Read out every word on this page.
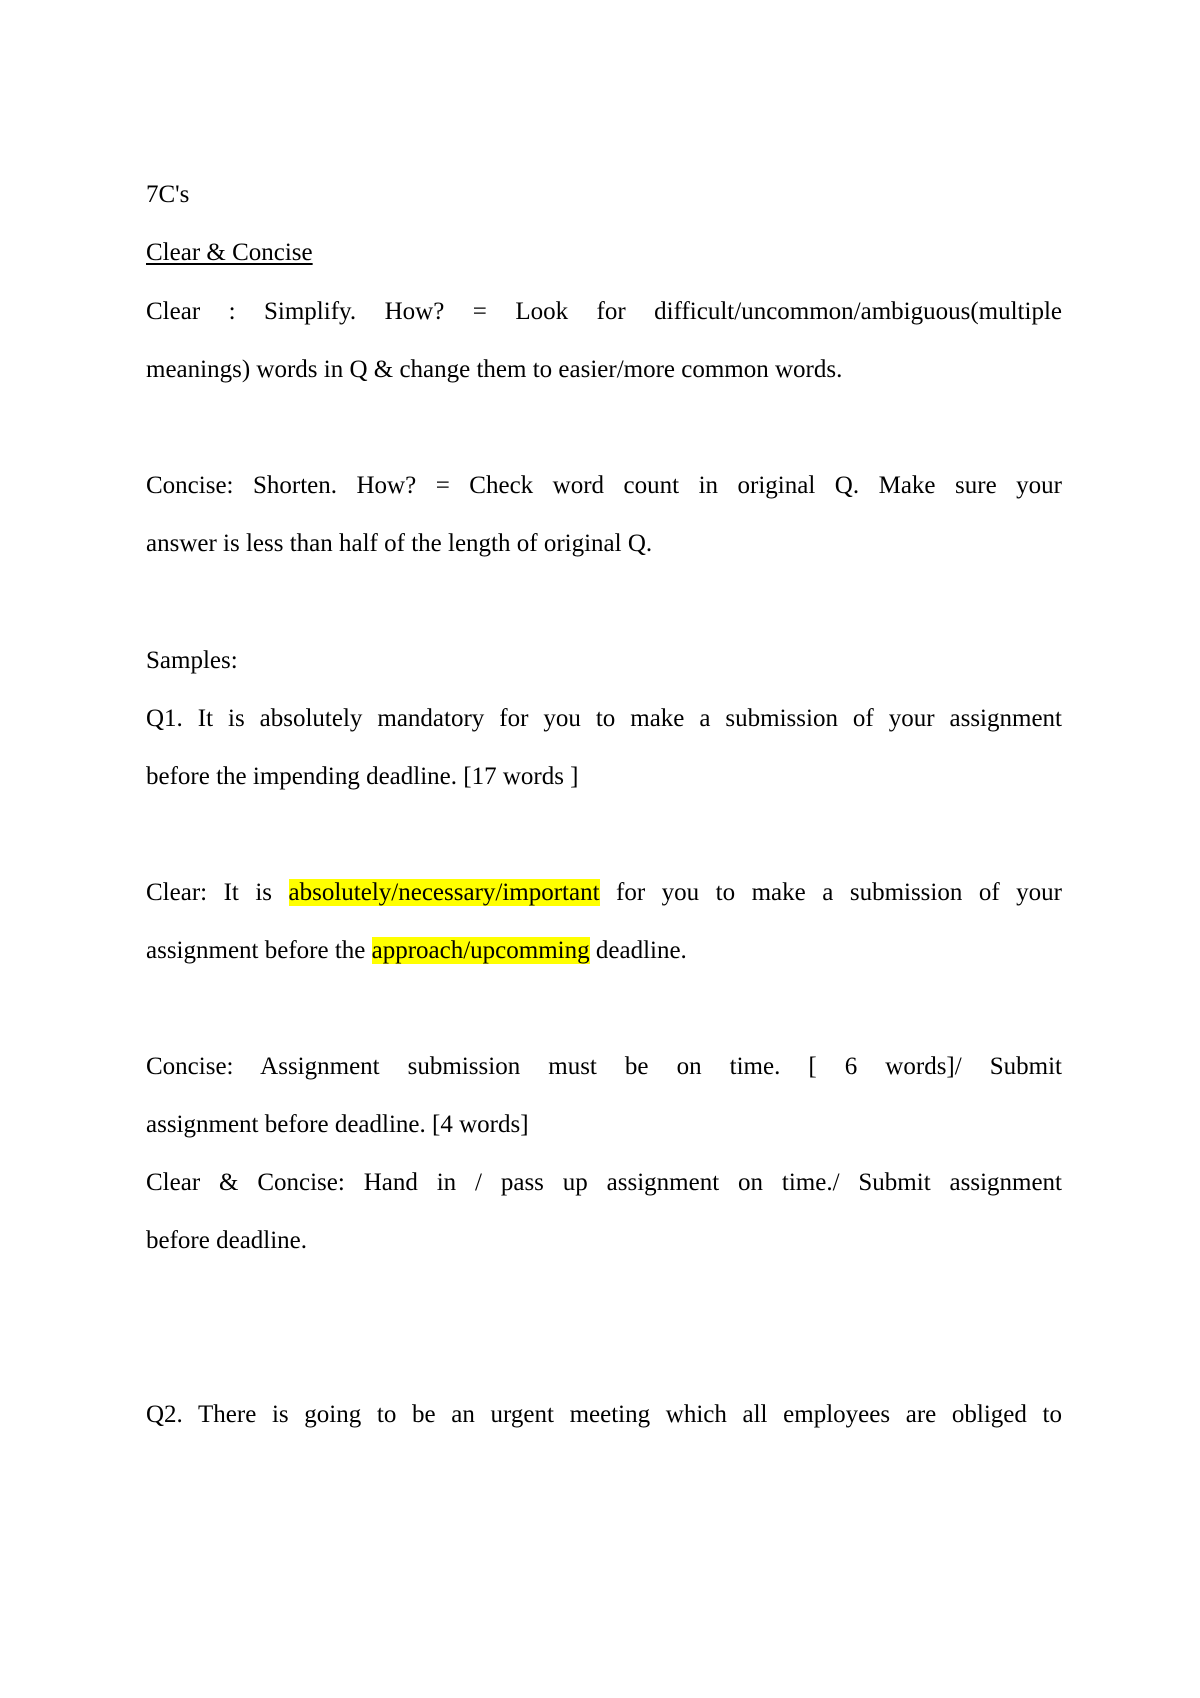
7C's
Clear & Concise
Clear : Simplify. How? = Look for difficult/uncommon/ambiguous(multiple
meanings) words in Q & change them to easier/more common words.
Concise: Shorten. How? = Check word count in original Q. Make sure your
answer is less than half of the length of original Q.
Samples:
Q1. It is absolutely mandatory for you to make a submission of your assignment
before the impending deadline. [17 words ]
Clear: It is absolutely/necessary/important for you to make a submission of your
assignment before the approach/upcomming deadline.
Concise: Assignment submission must be on time. [ 6 words]/ Submit
assignment before deadline. [4 words]
Clear & Concise: Hand in / pass up assignment on time./ Submit assignment
before deadline.
Q2. There is going to be an urgent meeting which all employees are obliged to
